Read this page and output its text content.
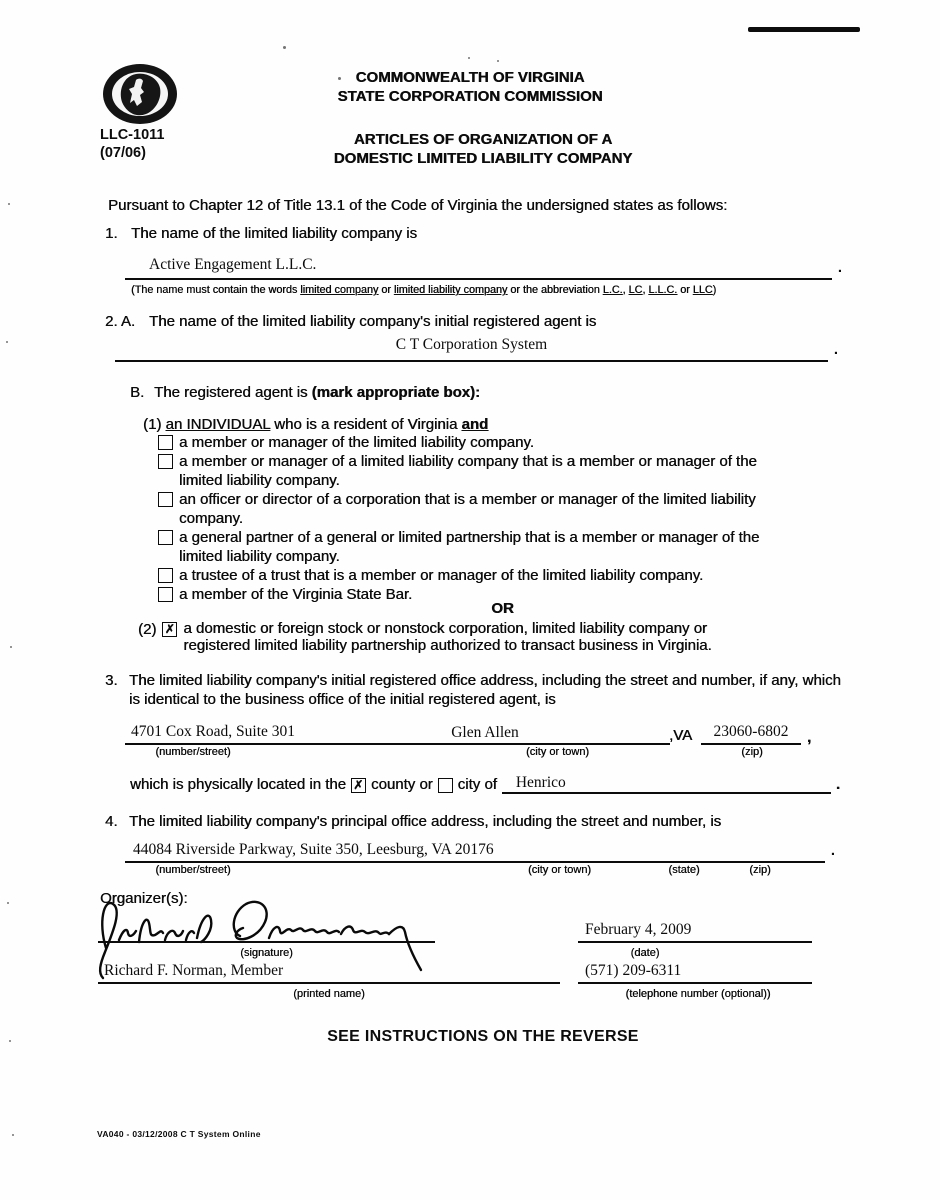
COMMONWEALTH OF VIRGINIA
STATE CORPORATION COMMISSION
LLC-1011
(07/06)
ARTICLES OF ORGANIZATION OF A
DOMESTIC LIMITED LIABILITY COMPANY
Pursuant to Chapter 12 of Title 13.1 of the Code of Virginia the undersigned states as follows:
1. The name of the limited liability company is
Active Engagement L.L.C.	.
(The name must contain the words limited company or limited liability company or the abbreviation L.C., LC, L.L.C. or LLC)
2. A. The name of the limited liability company's initial registered agent is
C T Corporation System	.
B. The registered agent is (mark appropriate box):
(1) an INDIVIDUAL who is a resident of Virginia and
a member or manager of the limited liability company.
a member or manager of a limited liability company that is a member or manager of the limited liability company.
an officer or director of a corporation that is a member or manager of the limited liability company.
a general partner of a general or limited partnership that is a member or manager of the limited liability company.
a trustee of a trust that is a member or manager of the limited liability company.
a member of the Virginia State Bar.
OR
(2) ✗ a domestic or foreign stock or nonstock corporation, limited liability company or registered limited liability partnership authorized to transact business in Virginia.
3. The limited liability company's initial registered office address, including the street and number, if any, which is identical to the business office of the initial registered agent, is
4701 Cox Road, Suite 301	Glen Allen	,VA	23060-6802	,
(number/street)	(city or town)	(zip)
which is physically located in the ✗ county or city of	Henrico	.
4. The limited liability company's principal office address, including the street and number, is
44084 Riverside Parkway, Suite 350, Leesburg, VA 20176	.
(number/street)	(city or town)	(state)	(zip)
Organizer(s):
(signature)
February 4, 2009
(date)
Richard F. Norman, Member
(printed name)
(571) 209-6311
(telephone number (optional))
SEE INSTRUCTIONS ON THE REVERSE
VA040 - 03/12/2008 C T System Online
